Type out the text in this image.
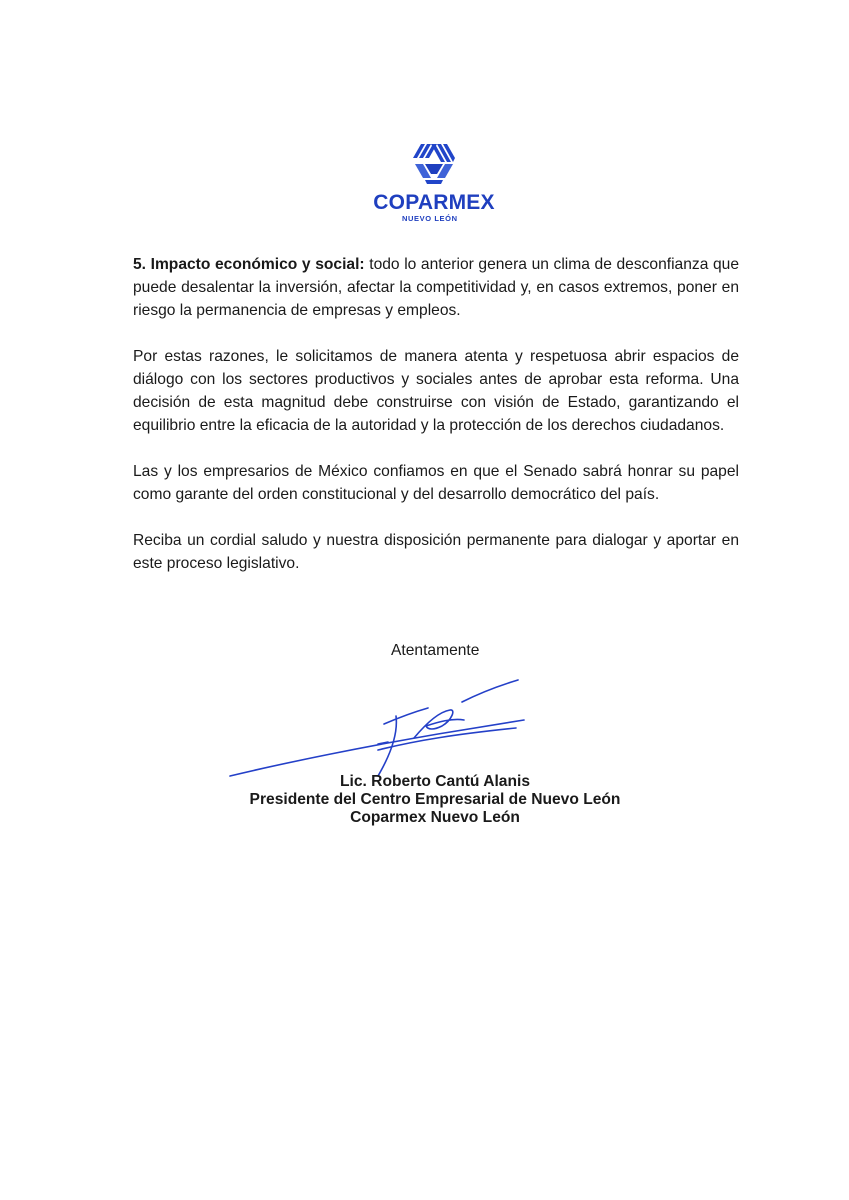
COPARMEX
NUEVO LEÓN

5. Impacto económico y social: todo lo anterior genera un clima de desconfianza que puede desalentar la inversión, afectar la competitividad y, en casos extremos, poner en riesgo la permanencia de empresas y empleos.

Por estas razones, le solicitamos de manera atenta y respetuosa abrir espacios de diálogo con los sectores productivos y sociales antes de aprobar esta reforma. Una decisión de esta magnitud debe construirse con visión de Estado, garantizando el equilibrio entre la eficacia de la autoridad y la protección de los derechos ciudadanos.

Las y los empresarios de México confiamos en que el Senado sabrá honrar su papel como garante del orden constitucional y del desarrollo democrático del país.

Reciba un cordial saludo y nuestra disposición permanente para dialogar y aportar en este proceso legislativo.

Atentamente
Lic. Roberto Cantú Alanis
Presidente del Centro Empresarial de Nuevo León
Coparmex Nuevo León
